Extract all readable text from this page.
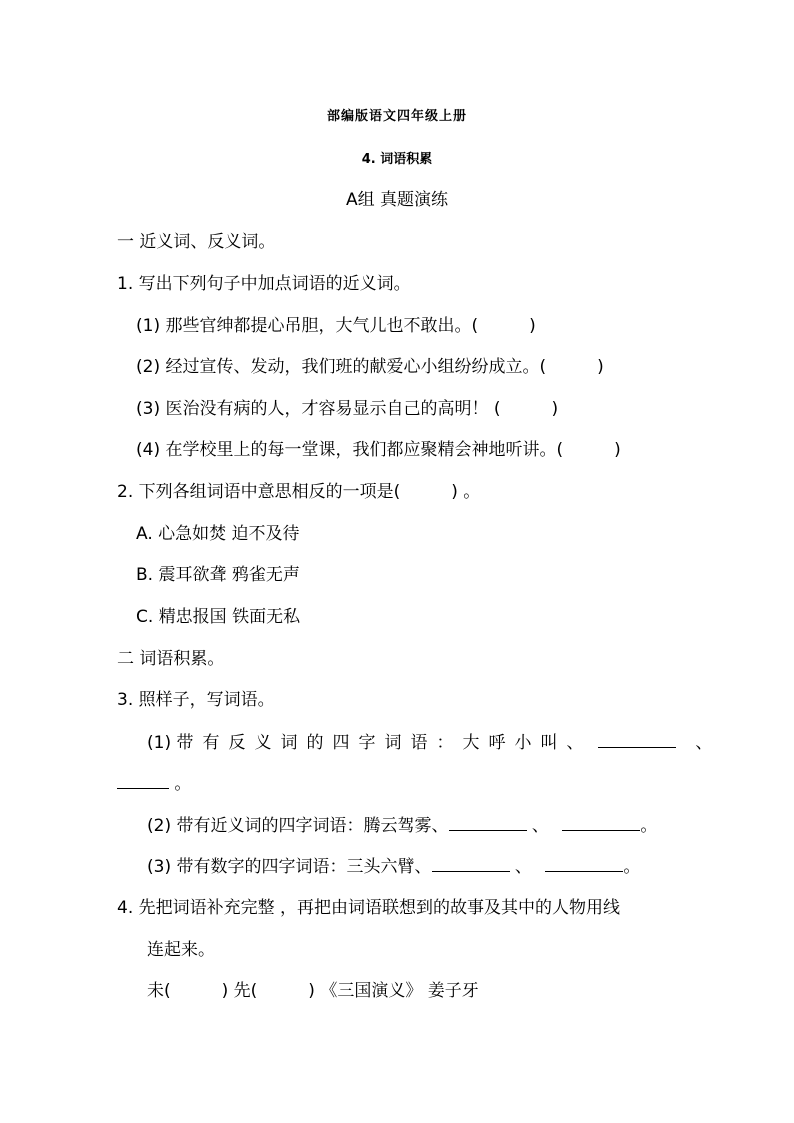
部编版语文四年级上册
4. 词语积累
A组 真题演练
一 近义词、反义词。
1. 写出下列句子中加点词语的近义词。
(1) 那些官绅都提心吊胆，大气儿也不敢出。(　　　)
(2) 经过宣传、发动，我们班的献爱心小组纷纷成立。(　　　)
(3) 医治没有病的人，才容易显示自己的高明！ (　　　)
(4) 在学校里上的每一堂课，我们都应聚精会神地听讲。(　　　)
2. 下列各组词语中意思相反的一项是(　　　) 。
A. 心急如焚 迫不及待
B. 震耳欲聋 鸦雀无声
C. 精忠报国 铁面无私
二 词语积累。
3. 照样子，写词语。
(1) 带有反义词的四字词语：大呼小叫、	、
。
(2) 带有近义词的四字词语：腾云驾雾、	、	。
(3) 带有数字的四字词语：三头六臂、	、	。
4. 先把词语补充完整 ，再把由词语联想到的故事及其中的人物用线
连起来。
未(　　　) 先(　　　) 《三国演义》 姜子牙
